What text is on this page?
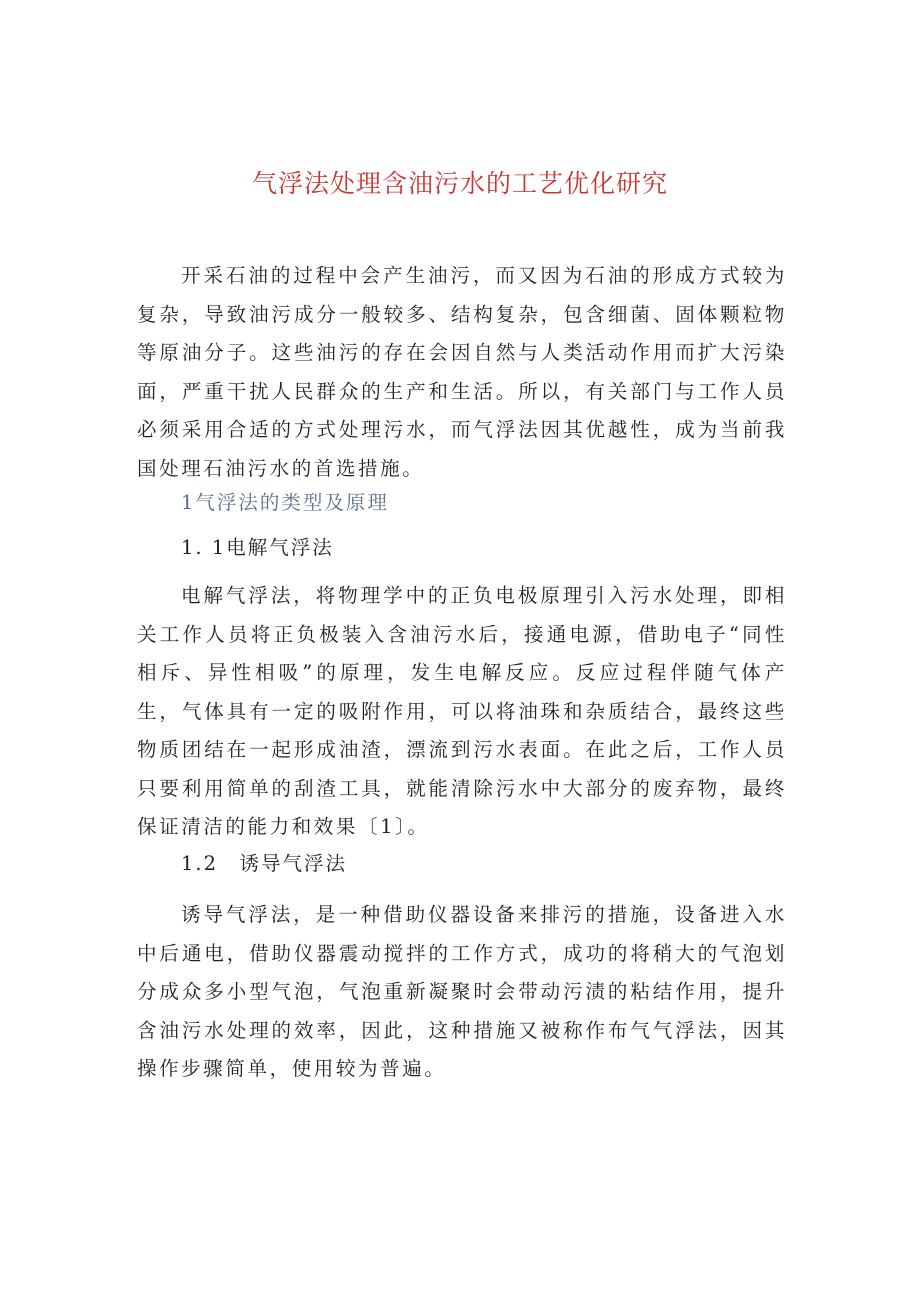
气浮法处理含油污水的工艺优化研究
开采石油的过程中会产生油污，而又因为石油的形成方式较为复杂，导致油污成分一般较多、结构复杂，包含细菌、固体颗粒物等原油分子。这些油污的存在会因自然与人类活动作用而扩大污染面，严重干扰人民群众的生产和生活。所以，有关部门与工作人员必须采用合适的方式处理污水，而气浮法因其优越性，成为当前我国处理石油污水的首选措施。
1气浮法的类型及原理
1. 1电解气浮法
电解气浮法，将物理学中的正负电极原理引入污水处理，即相关工作人员将正负极装入含油污水后，接通电源，借助电子“同性相斥、异性相吸”的原理，发生电解反应。反应过程伴随气体产生，气体具有一定的吸附作用，可以将油珠和杂质结合，最终这些物质团结在一起形成油渣，漂流到污水表面。在此之后，工作人员只要利用简单的刮渣工具，就能清除污水中大部分的废弃物，最终保证清洁的能力和效果〔1〕。
1.2　诱导气浮法
诱导气浮法，是一种借助仪器设备来排污的措施，设备进入水中后通电，借助仪器震动搅拌的工作方式，成功的将稍大的气泡划分成众多小型气泡，气泡重新凝聚时会带动污渍的粘结作用，提升含油污水处理的效率，因此，这种措施又被称作布气气浮法，因其操作步骤简单，使用较为普遍。
